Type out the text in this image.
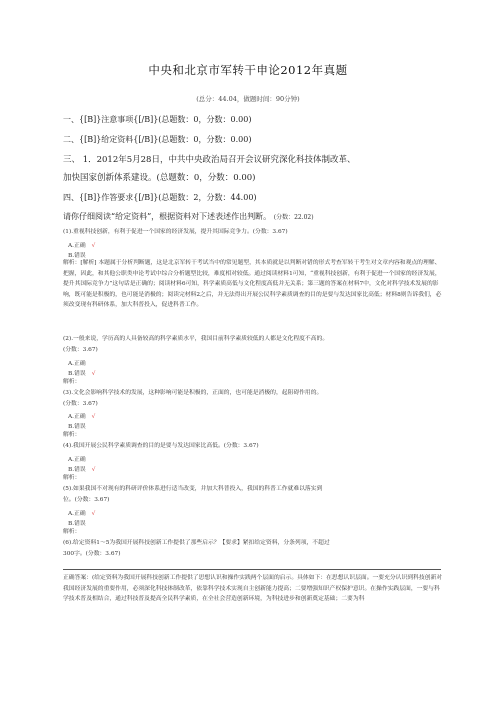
中央和北京市军转干申论2012年真题
(总分：44.04，做题时间：90分钟)
一、{[B]}注意事项{[/B]}(总题数：0，分数：0.00)
二、{[B]}给定资料{[/B]}(总题数：0，分数：0.00)
三、 1．2012年5月28日，中共中央政治局召开会议研究深化科技体制改革、
加快国家创新体系建设。(总题数：0，分数：0.00)
四、{[B]}作答要求{[/B]}(总题数：2，分数：44.00)
请你仔细阅读“给定资料”，根据资料对下述表述作出判断。 (分数：22.02)
(1).重视科技创新，有利于促进一个国家的经济发展，提升其国际竞争力。(分数：3.67)
A.正确 √
B.错误
解析：[解析] 本题属于分析判断题，这是北京军转干考试当中的常见题型，其本质就是以判断对错的形式考查军转干考生对文章内容和观点的理解、把握，因此，和其他公职类申论考试中综合分析题型比较，难度相对较低。通过阅读材料1可知，“重视科技创新，有利于促进一个国家的经济发展，提升其国际竞争力”这句话是正确的；阅读材料6可知，科学素质高低与文化程度高低并无关系；第三题的答案在材料7中，文化对科学技术发展的影响，既可能是积极的，也可能是消极的；阅读完材料2之后，并无法得出开展公民科学素质调查的目的是要与发达国家比高低；材料8则告诉我们，必须改变现有科研体系，加大科普投入，促进科普工作。
(2).一般来说，学历高的人具备较高的科学素质水平，我国目前科学素质较低的人都是文化程度不高的。
(分数：3.67)
A.正确
B.错误 √
解析：
(3).文化会影响科学技术的发展，这种影响可能是积极的，正面的，也可能是消极的，起阻碍作用的。
(分数：3.67)
A.正确 √
B.错误
解析：
(4).我国开展公民科学素质调查的目的是要与发达国家比高低。(分数：3.67)
A.正确
B.错误 √
解析：
(5).如果我国不对现有的科研评价体系进行适当改变，并加大科普投入，我国的科普工作就难以落实到
位。(分数：3.67)
A.正确 √
B.错误
解析：
(6).给定资料1～5为我国开展科技创新工作提供了那些启示？【要求】紧扣给定资料，分条列项，不超过
300字。(分数：3.67)
正确答案：(给定资料为我国开展科技创新工作提供了思想认识和操作实践两个层面的启示。具体如下：在思想认识层面。一要充分认识到科技创新对我国经济发展的重要作用，必须深化科技体制改革，依靠科学技术实现自主创新能力提高；二要增强知识产权保护意识。在操作实践层面，一要与科学技术普及相结合，通过科技普及提高全民科学素质，在全社会营造创新环境，为科技进步和创新奠定基础；二要为科
